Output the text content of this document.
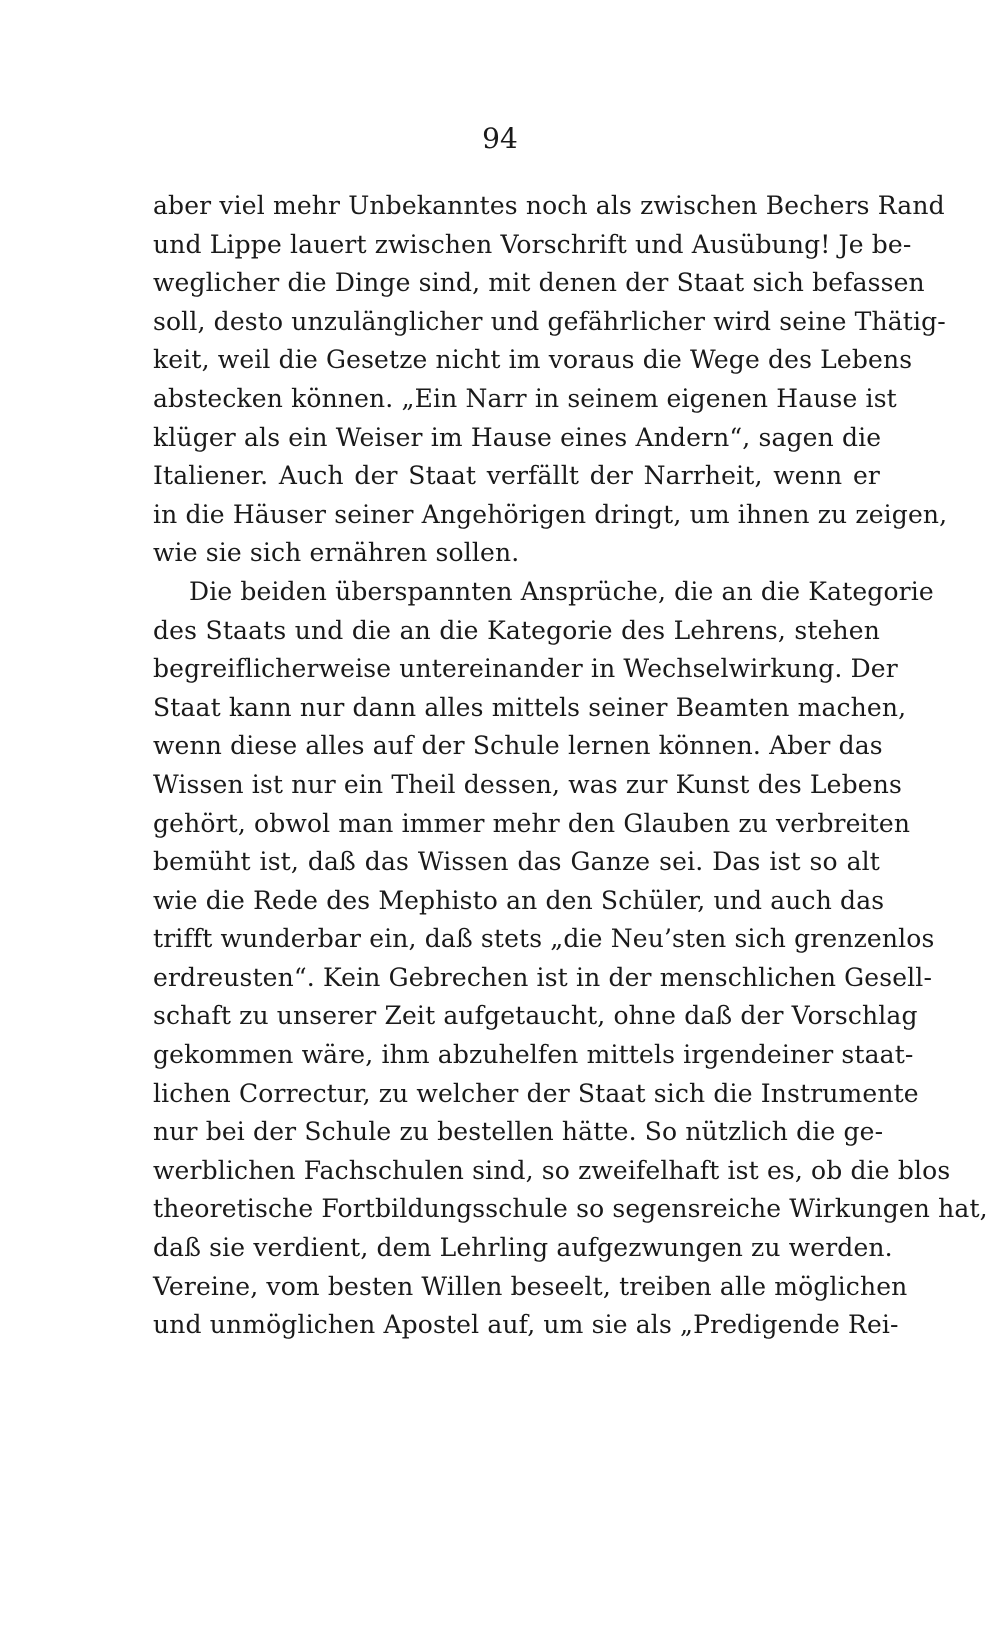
94
aber viel mehr Unbekanntes noch als zwischen Bechers Rand
und Lippe lauert zwischen Vorschrift und Ausübung! Je be-
weglicher die Dinge sind, mit denen der Staat sich befassen
soll, desto unzulänglicher und gefährlicher wird seine Thätig-
keit, weil die Gesetze nicht im voraus die Wege des Lebens
abstecken können. „Ein Narr in seinem eigenen Hause ist
klüger als ein Weiser im Hause eines Andern“, sagen die
Italiener. Auch der Staat verfällt der Narrheit, wenn er
in die Häuser seiner Angehörigen dringt, um ihnen zu zeigen,
wie sie sich ernähren sollen.
Die beiden überspannten Ansprüche, die an die Kategorie
des Staats und die an die Kategorie des Lehrens, stehen
begreiflicherweise untereinander in Wechselwirkung. Der
Staat kann nur dann alles mittels seiner Beamten machen,
wenn diese alles auf der Schule lernen können. Aber das
Wissen ist nur ein Theil dessen, was zur Kunst des Lebens
gehört, obwol man immer mehr den Glauben zu verbreiten
bemüht ist, daß das Wissen das Ganze sei. Das ist so alt
wie die Rede des Mephisto an den Schüler, und auch das
trifft wunderbar ein, daß stets „die Neu’sten sich grenzenlos
erdreusten“. Kein Gebrechen ist in der menschlichen Gesell-
schaft zu unserer Zeit aufgetaucht, ohne daß der Vorschlag
gekommen wäre, ihm abzuhelfen mittels irgendeiner staat-
lichen Correctur, zu welcher der Staat sich die Instrumente
nur bei der Schule zu bestellen hätte. So nützlich die ge-
werblichen Fachschulen sind, so zweifelhaft ist es, ob die blos
theoretische Fortbildungsschule so segensreiche Wirkungen hat,
daß sie verdient, dem Lehrling aufgezwungen zu werden.
Vereine, vom besten Willen beseelt, treiben alle möglichen
und unmöglichen Apostel auf, um sie als „Predigende Rei-
